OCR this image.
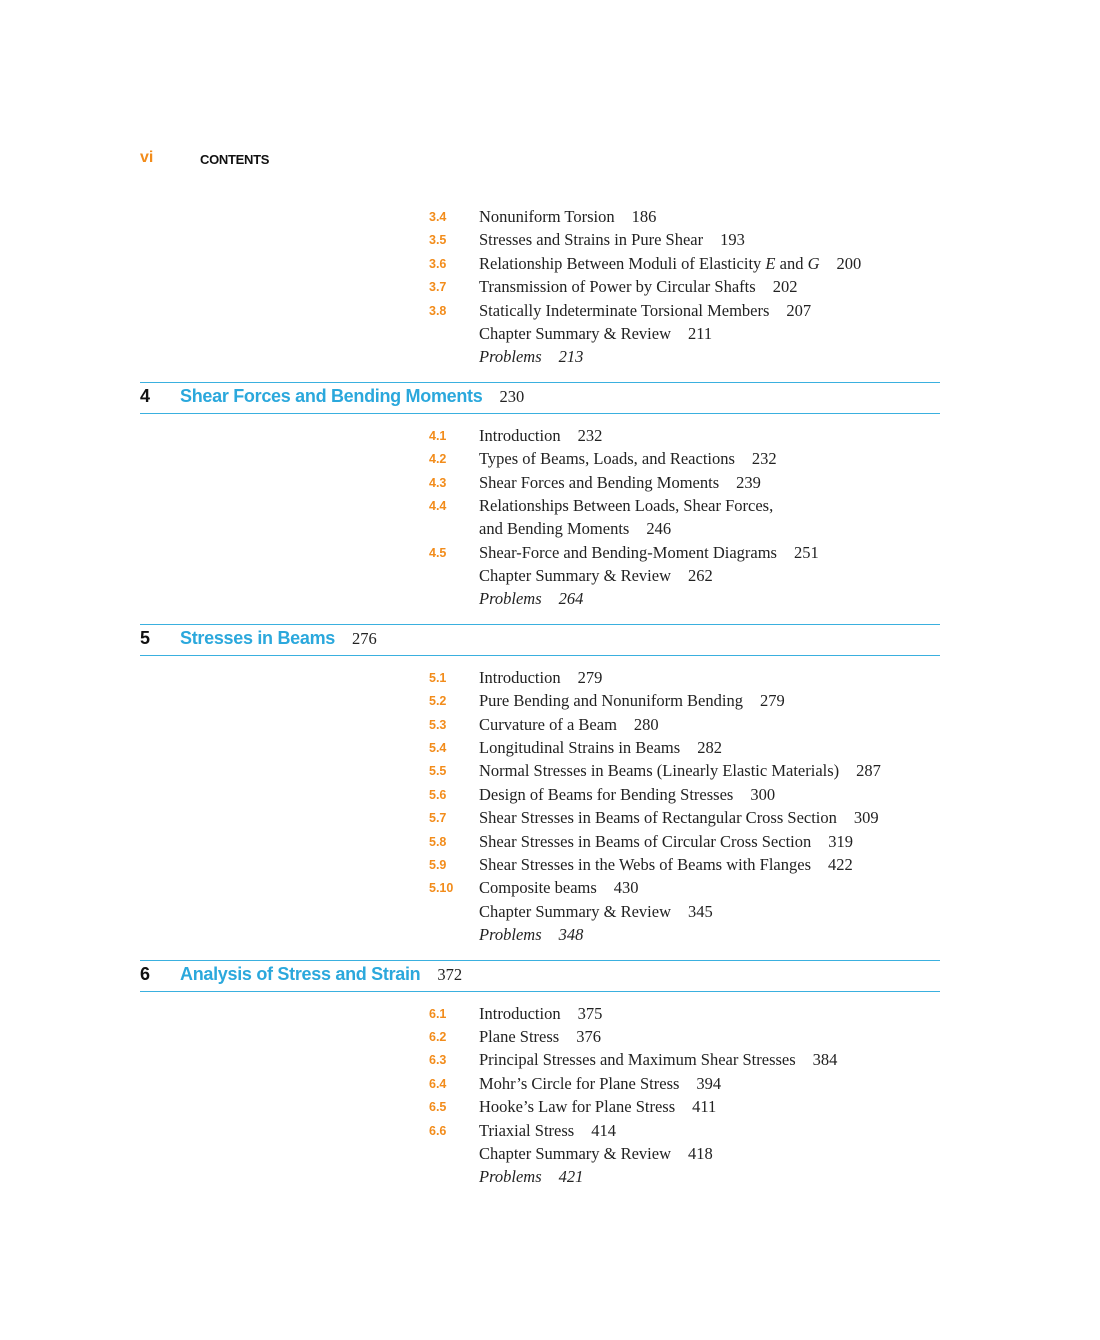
vi	CONTENTS
3.4 Nonuniform Torsion 186
3.5 Stresses and Strains in Pure Shear 193
3.6 Relationship Between Moduli of Elasticity E and G 200
3.7 Transmission of Power by Circular Shafts 202
3.8 Statically Indeterminate Torsional Members 207
Chapter Summary & Review 211
Problems 213
4 Shear Forces and Bending Moments 230
4.1 Introduction 232
4.2 Types of Beams, Loads, and Reactions 232
4.3 Shear Forces and Bending Moments 239
4.4 Relationships Between Loads, Shear Forces,
and Bending Moments 246
4.5 Shear-Force and Bending-Moment Diagrams 251
Chapter Summary & Review 262
Problems 264
5 Stresses in Beams 276
5.1 Introduction 279
5.2 Pure Bending and Nonuniform Bending 279
5.3 Curvature of a Beam 280
5.4 Longitudinal Strains in Beams 282
5.5 Normal Stresses in Beams (Linearly Elastic Materials) 287
5.6 Design of Beams for Bending Stresses 300
5.7 Shear Stresses in Beams of Rectangular Cross Section 309
5.8 Shear Stresses in Beams of Circular Cross Section 319
5.9 Shear Stresses in the Webs of Beams with Flanges 422
5.10 Composite beams 430
Chapter Summary & Review 345
Problems 348
6 Analysis of Stress and Strain 372
6.1 Introduction 375
6.2 Plane Stress 376
6.3 Principal Stresses and Maximum Shear Stresses 384
6.4 Mohr’s Circle for Plane Stress 394
6.5 Hooke’s Law for Plane Stress 411
6.6 Triaxial Stress 414
Chapter Summary & Review 418
Problems 421
